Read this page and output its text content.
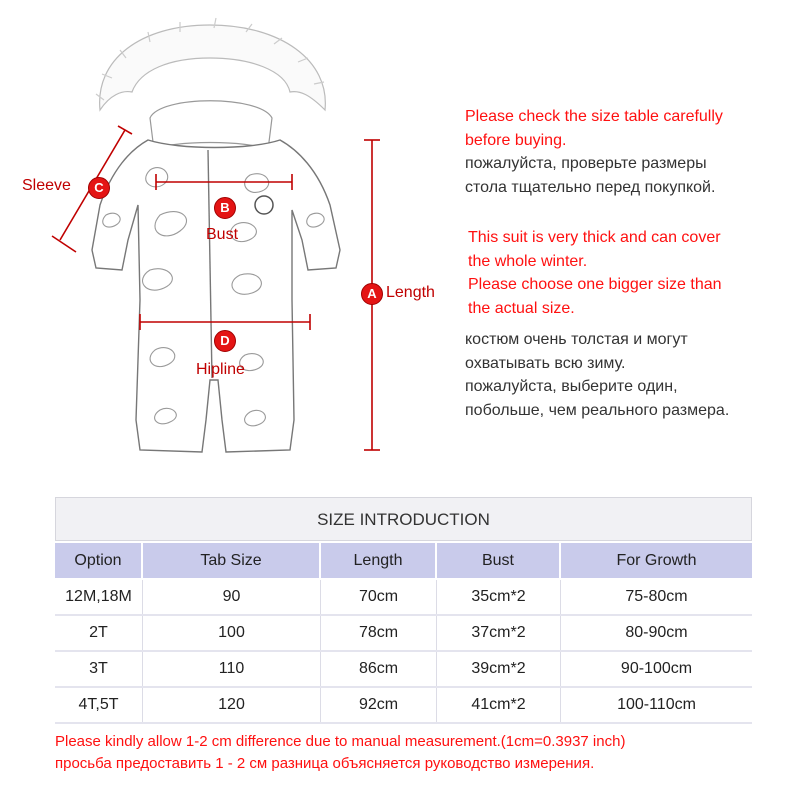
C
Sleeve
B
Bust
A Length
D
Hipline
Please check the size table carefully
before buying.
пожалуйста, проверьте размеры
стола тщательно перед покупкой.
This suit is very thick and can cover
the whole winter.
Please choose one bigger size than
the actual size.
костюм очень толстая и могут
охватывать всю зиму.
пожалуйста, выберите один,
побольше, чем реального размера.
SIZE INTRODUCTION
Option	Tab Size	Length	Bust	For Growth
12M,18M	90	70cm	35cm*2	75-80cm
2T	100	78cm	37cm*2	80-90cm
3T	110	86cm	39cm*2	90-100cm
4T,5T	120	92cm	41cm*2	100-110cm
Please kindly allow 1-2 cm difference due to manual measurement.(1cm=0.3937 inch)
просьба предоставить 1 - 2 см разница объясняется руководство измерения.
